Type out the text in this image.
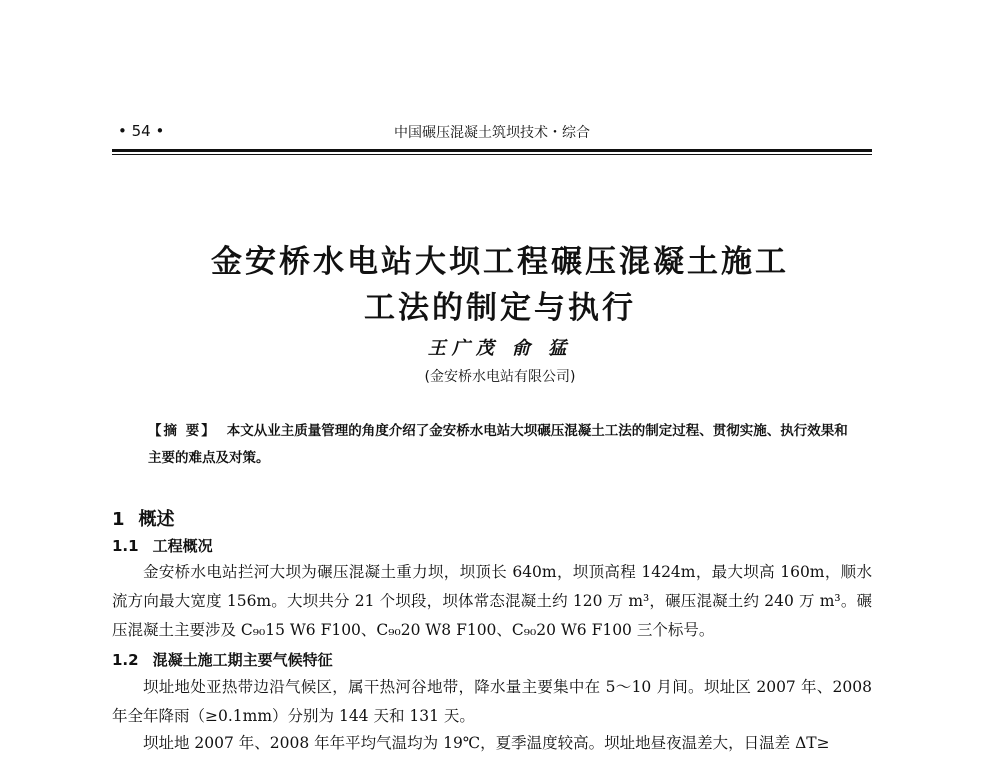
• 54 •	中国碾压混凝土筑坝技术・综合
金安桥水电站大坝工程碾压混凝土施工
工法的制定与执行
王广茂 俞 猛
(金安桥水电站有限公司)
【摘 要】 本文从业主质量管理的角度介绍了金安桥水电站大坝碾压混凝土工法的制定过程、贯彻实施、执行效果和主要的难点及对策。
1 概述
1.1 工程概况
金安桥水电站拦河大坝为碾压混凝土重力坝，坝顶长 640m，坝顶高程 1424m，最大坝高 160m，顺水流方向最大宽度 156m。大坝共分 21 个坝段，坝体常态混凝土约 120 万 m³，碾压混凝土约 240 万 m³。碾压混凝土主要涉及 C₉₀15 W6 F100、C₉₀20 W8 F100、C₉₀20 W6 F100 三个标号。
1.2 混凝土施工期主要气候特征
坝址地处亚热带边沿气候区，属干热河谷地带，降水量主要集中在 5～10 月间。坝址区 2007 年、2008 年全年降雨（≥0.1mm）分别为 144 天和 131 天。
坝址地 2007 年、2008 年年平均气温均为 19℃，夏季温度较高。坝址地昼夜温差大，日温差 ΔT≥
